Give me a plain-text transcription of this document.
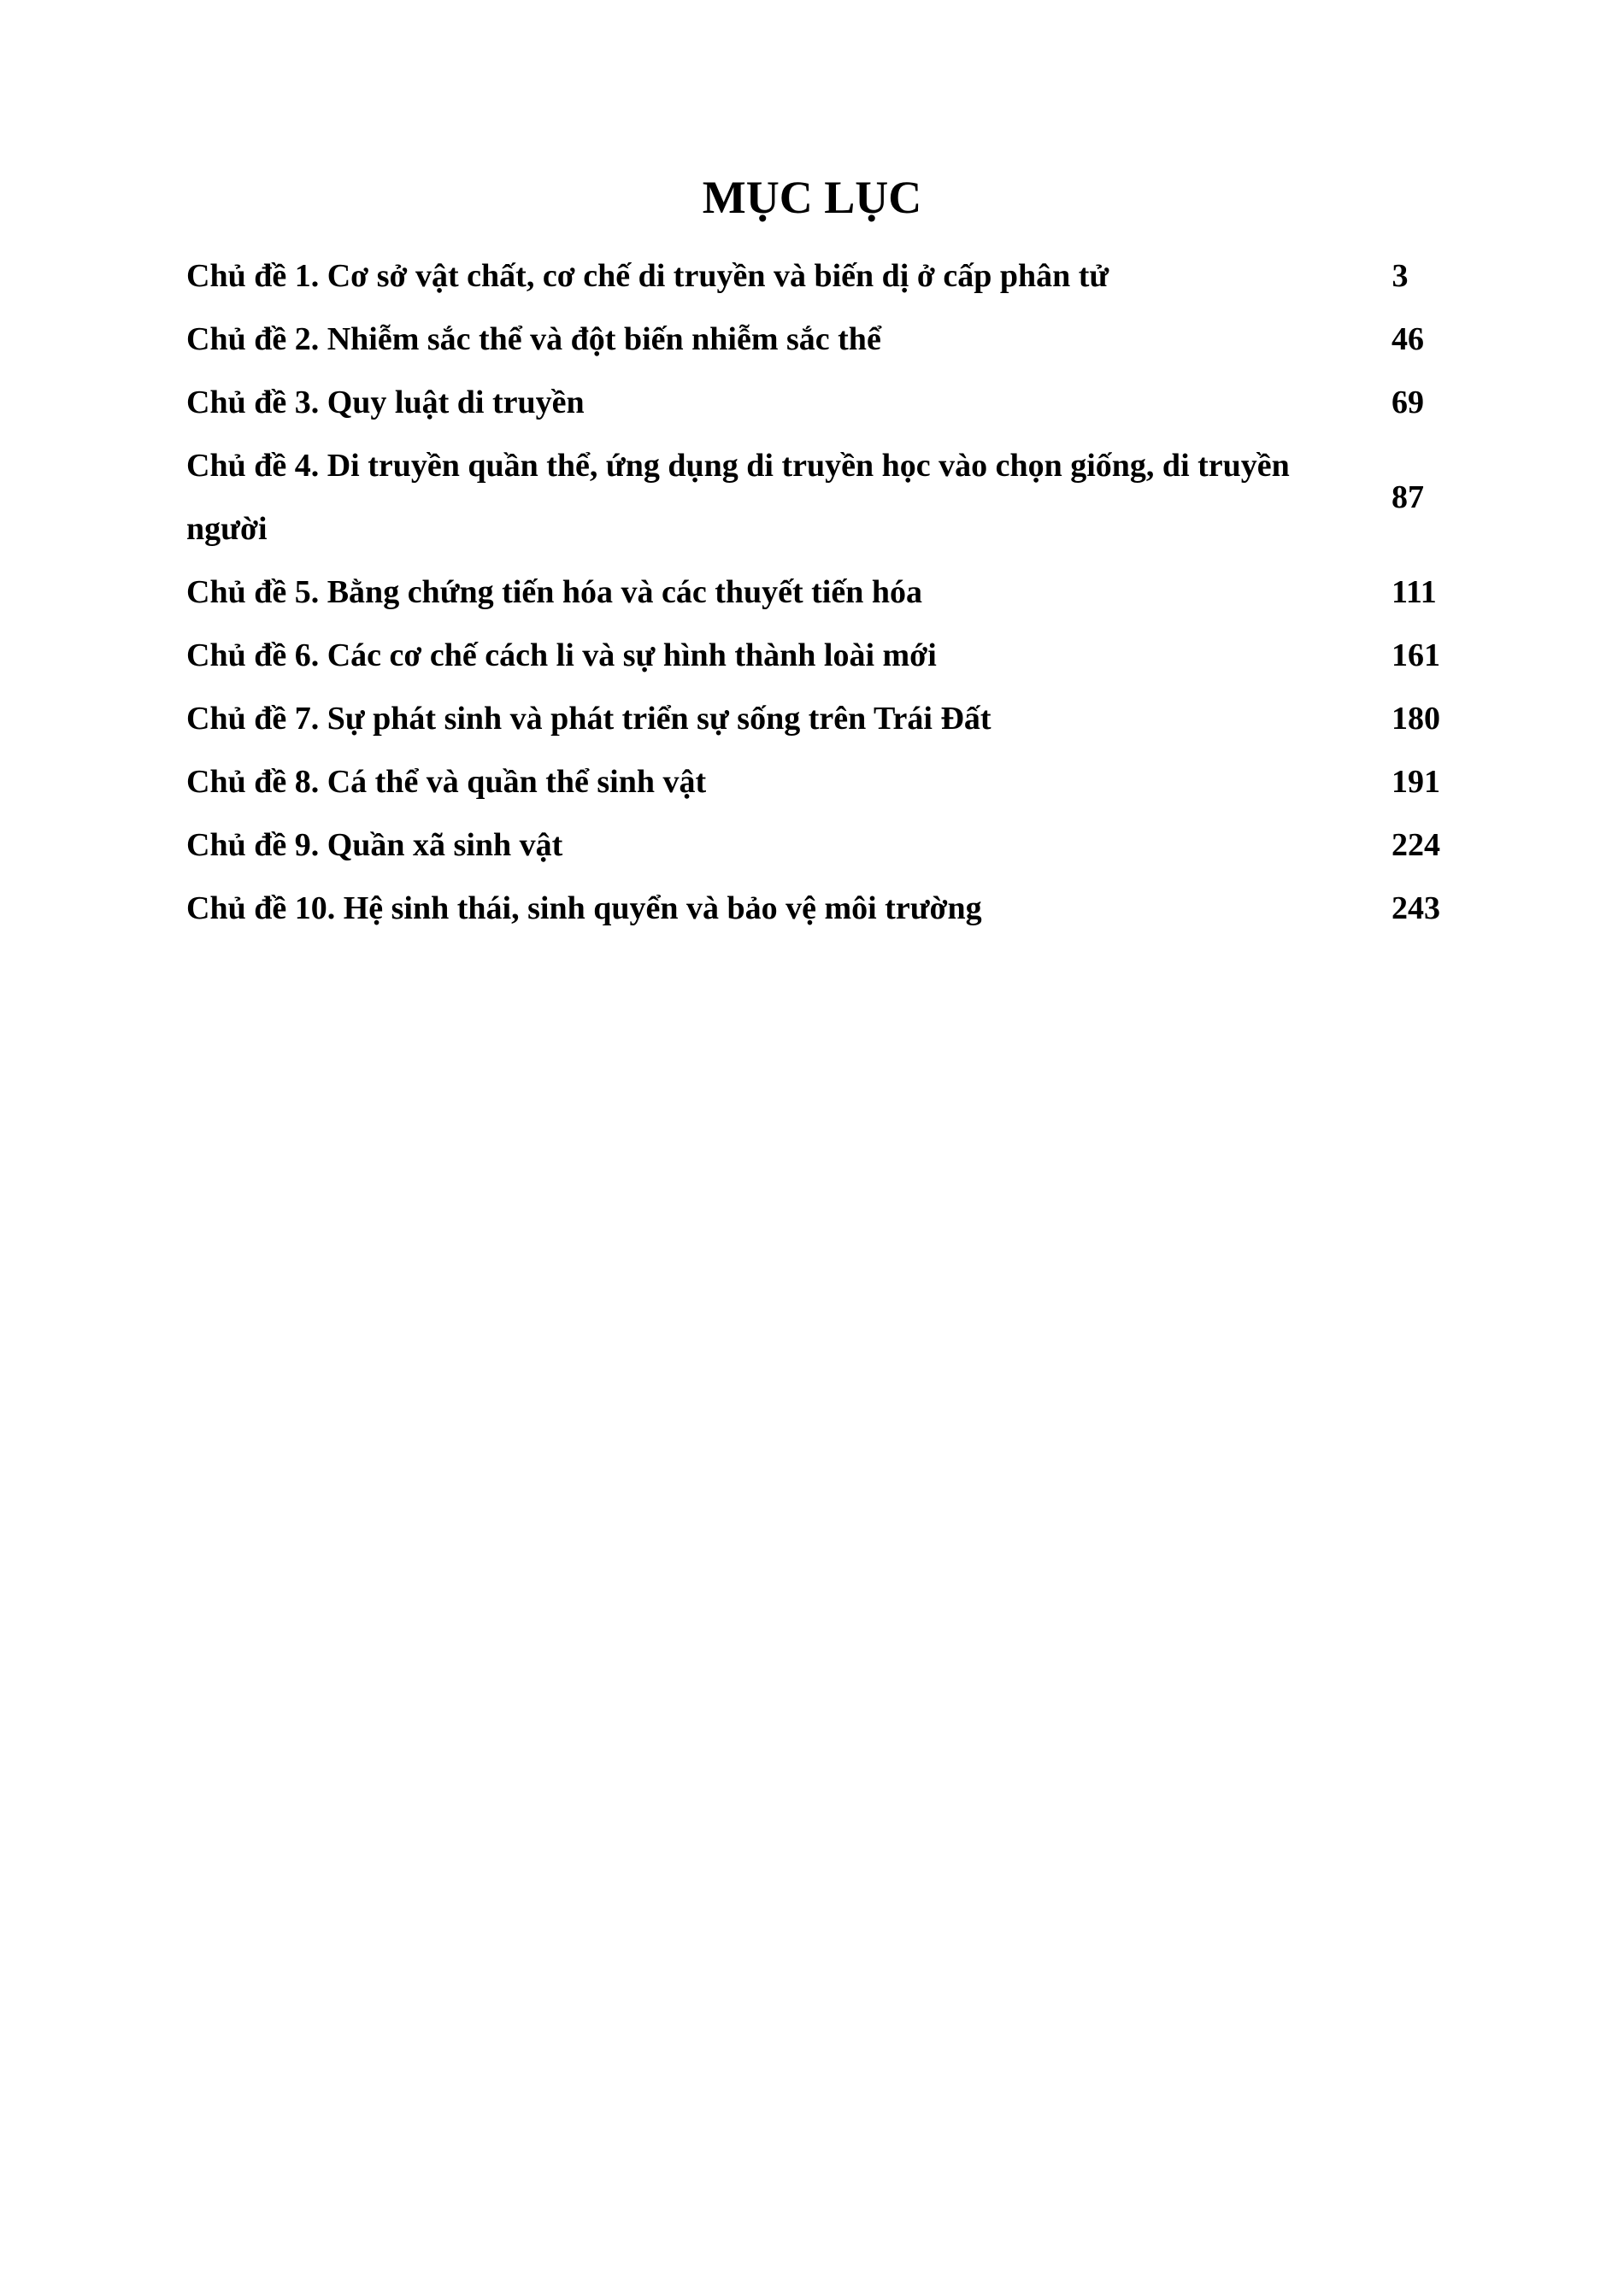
MỤC LỤC
Chủ đề 1. Cơ sở vật chất, cơ chế di truyền và biến dị ở cấp phân tử	3
Chủ đề 2. Nhiễm sắc thể và đột biến nhiễm sắc thể	46
Chủ đề 3. Quy luật di truyền	69
Chủ đề 4. Di truyền quần thể, ứng dụng di truyền học vào chọn giống, di truyền người
87
Chủ đề 5. Bằng chứng tiến hóa và các thuyết tiến hóa	111
Chủ đề 6. Các cơ chế cách li và sự hình thành loài mới	161
Chủ đề 7. Sự phát sinh và phát triển sự sống trên Trái Đất	180
Chủ đề 8. Cá thể và quần thể sinh vật	191
Chủ đề 9. Quần xã sinh vật	224
Chủ đề 10. Hệ sinh thái, sinh quyển và bảo vệ môi trường	243
